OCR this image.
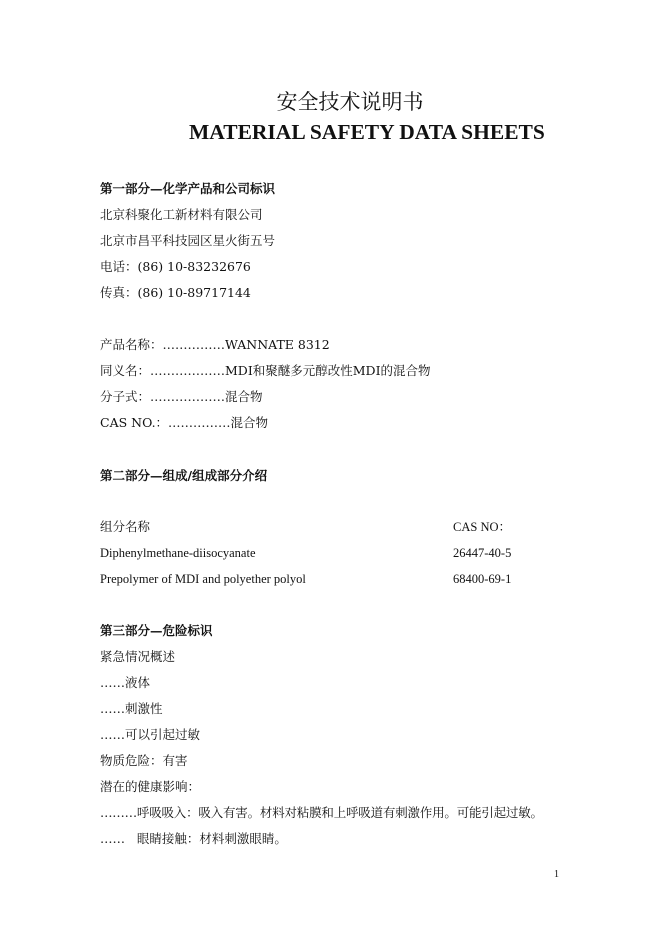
安全技术说明书
MATERIAL SAFETY DATA SHEETS
第一部分—化学产品和公司标识
北京科聚化工新材料有限公司
北京市昌平科技园区星火街五号
电话：(86) 10-83232676
传真：(86) 10-89717144
产品名称：……………WANNATE 8312
同义名：………………MDI和聚醚多元醇改性MDI的混合物
分子式：………………混合物
CAS NO.：……………混合物
第二部分—组成/组成部分介绍
组分名称	CAS NO：
Diphenylmethane-diisocyanate	26447-40-5
Prepolymer of MDI and polyether polyol	68400-69-1
第三部分—危险标识
紧急情况概述
……液体
……刺激性
……可以引起过敏
物质危险：有害
潜在的健康影响：
………呼吸吸入：吸入有害。材料对粘膜和上呼吸道有刺激作用。可能引起过敏。
……   眼睛接触：材料刺激眼睛。
1
